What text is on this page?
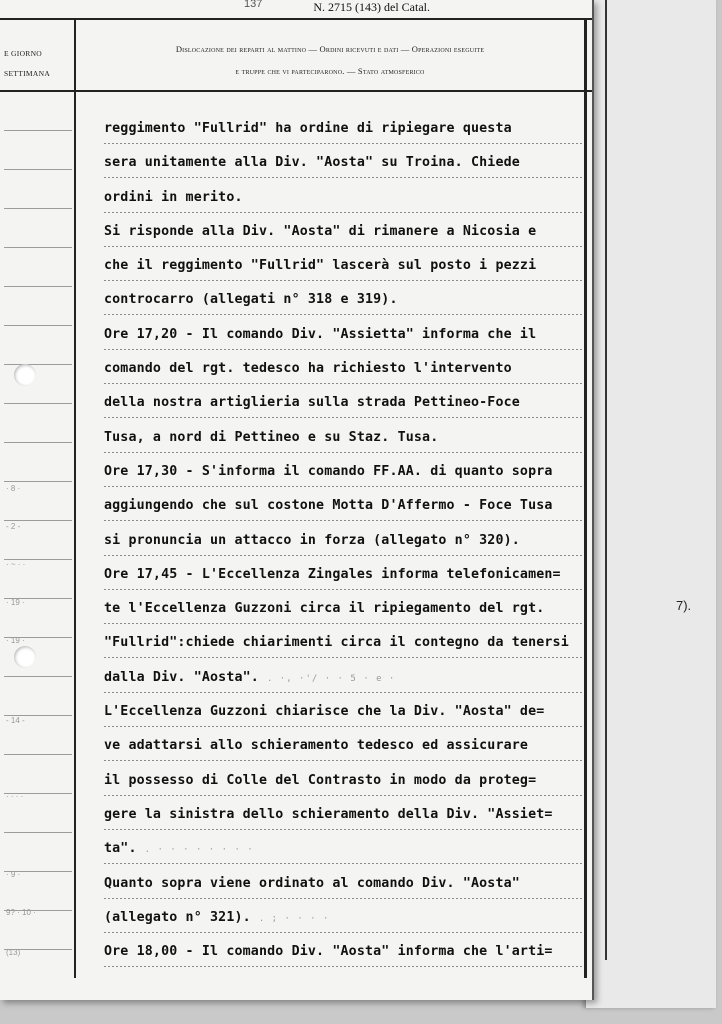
7).
137	N. 2715 (143) del Catal.
E GIORNO SETTIMANA
Dislocazione dei reparti al mattino — Ordini ricevuti e dati — Operazioni eseguite
e truppe che vi parteciparono. — Stato atmosferico
· 8 ·
- 2 -
· ~ · ·
· 19 ·
· 19 ·
- 14 -
· · · ·
· 9 ·
9? · 10 ·
(13)
reggimento "Fullrid" ha ordine di ripiegare questa
sera unitamente alla Div. "Aosta" su Troina. Chiede
ordini in merito.
Si risponde alla Div. "Aosta" di rimanere a Nicosia e
che il reggimento "Fullrid" lascerà sul posto i pezzi
controcarro (allegati n° 318 e 319).
Ore 17,20 - Il comando Div. "Assietta" informa che il
comando del rgt. tedesco ha richiesto l'intervento
della nostra artiglieria sulla strada Pettineo-Foce
Tusa, a nord di Pettineo e su Staz. Tusa.
Ore 17,30 - S'informa il comando FF.AA. di quanto sopra
aggiungendo che sul costone Motta D'Affermo - Foce Tusa
si pronuncia un attacco in forza (allegato n° 320).
Ore 17,45 - L'Eccellenza Zingales informa telefonicamen=
te l'Eccellenza Guzzoni circa il ripiegamento del rgt.
"Fullrid":chiede chiarimenti circa il contegno da tenersi
dalla Div. "Aosta". . ·, ·'/ · · 5 · e ·
L'Eccellenza Guzzoni chiarisce che la Div. "Aosta" de=
ve adattarsi allo schieramento tedesco ed assicurare
il possesso di Colle del Contrasto in modo da proteg=
gere la sinistra dello schieramento della Div. "Assiet=
ta". . · · · · · · · ·
Quanto sopra viene ordinato al comando Div. "Aosta"
(allegato n° 321). . ; · · · ·
Ore 18,00 - Il comando Div. "Aosta" informa che l'arti=
